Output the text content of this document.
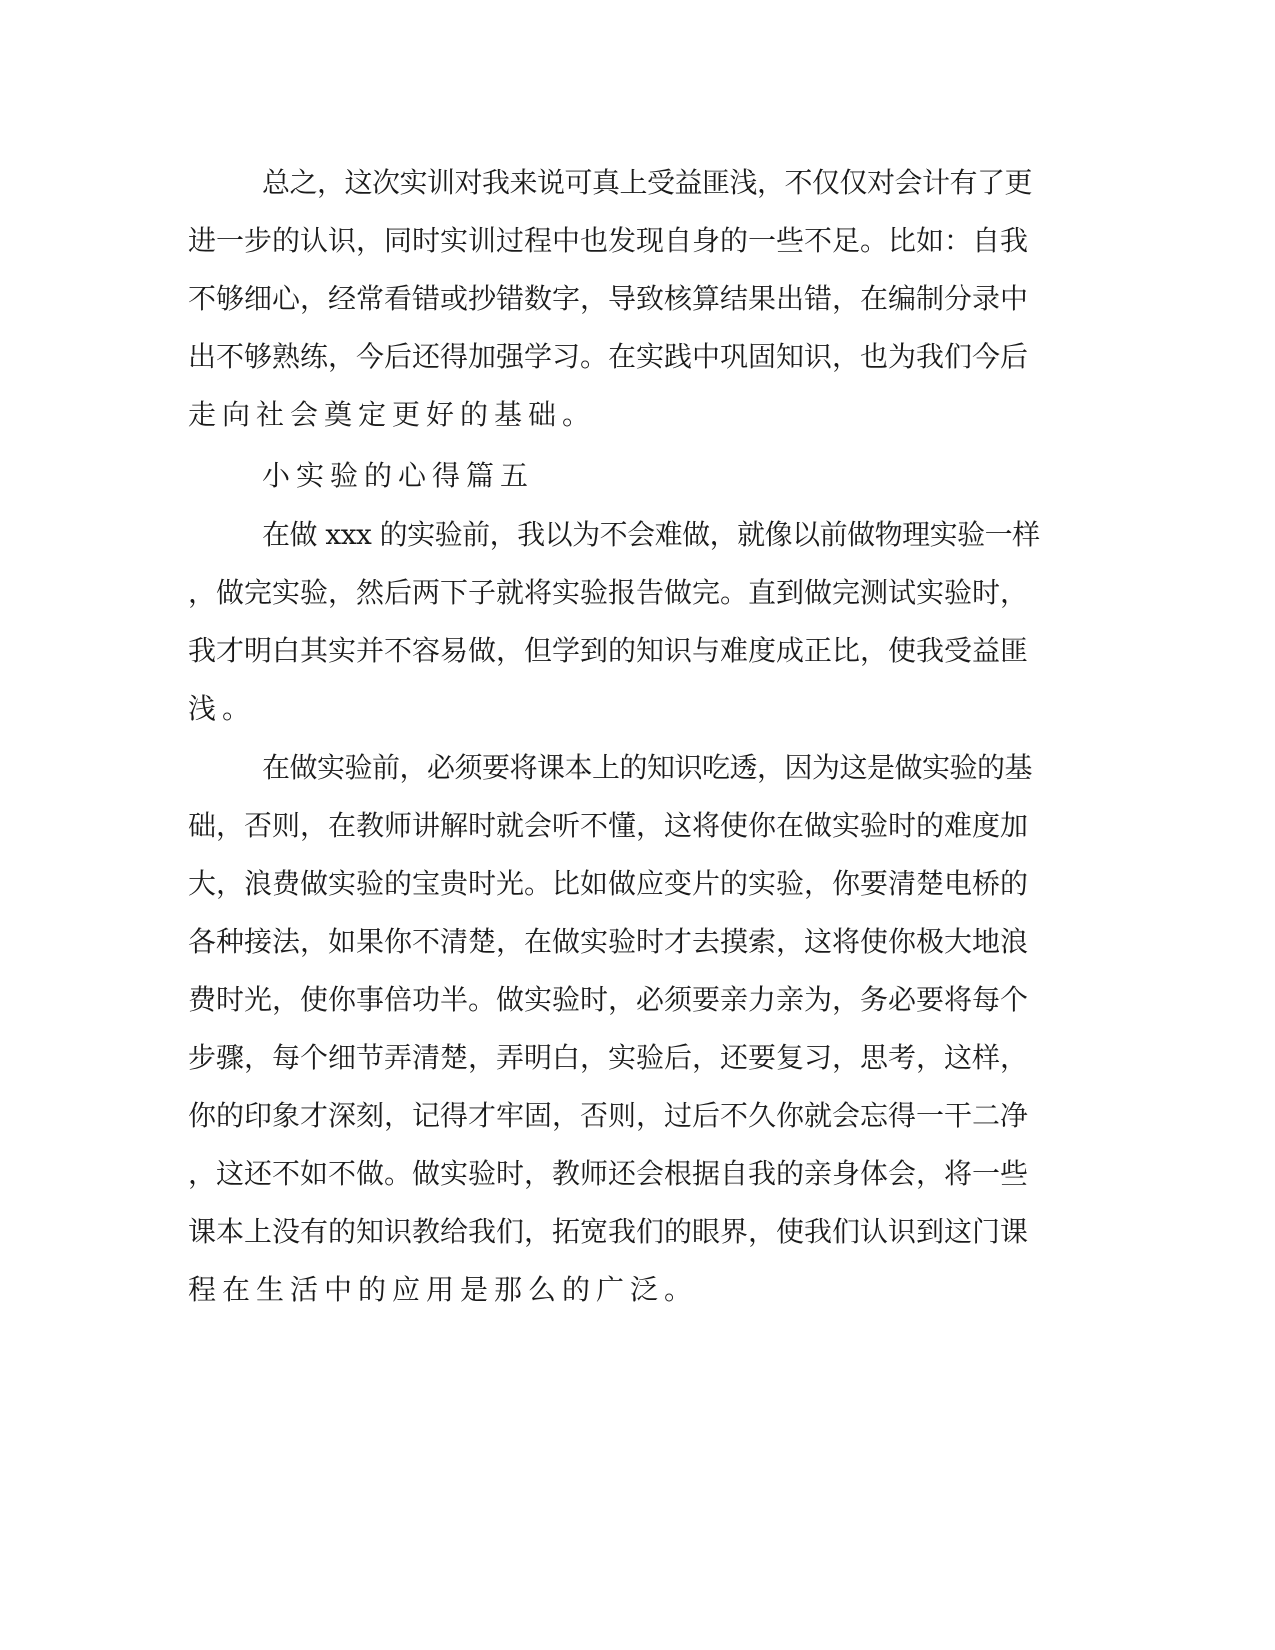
总之，这次实训对我来说可真上受益匪浅，不仅仅对会计有了更

进一步的认识，同时实训过程中也发现自身的一些不足。比如：自我

不够细心，经常看错或抄错数字，导致核算结果出错，在编制分录中

出不够熟练，今后还得加强学习。在实践中巩固知识，也为我们今后

走向社会奠定更好的基础。

小实验的心得篇五

在做 xxx 的实验前，我以为不会难做，就像以前做物理实验一样

，做完实验，然后两下子就将实验报告做完。直到做完测试实验时，

我才明白其实并不容易做，但学到的知识与难度成正比，使我受益匪

浅。

在做实验前，必须要将课本上的知识吃透，因为这是做实验的基

础，否则，在教师讲解时就会听不懂，这将使你在做实验时的难度加

大，浪费做实验的宝贵时光。比如做应变片的实验，你要清楚电桥的

各种接法，如果你不清楚，在做实验时才去摸索，这将使你极大地浪

费时光，使你事倍功半。做实验时，必须要亲力亲为，务必要将每个

步骤，每个细节弄清楚，弄明白，实验后，还要复习，思考，这样，

你的印象才深刻，记得才牢固，否则，过后不久你就会忘得一干二净

，这还不如不做。做实验时，教师还会根据自我的亲身体会，将一些

课本上没有的知识教给我们，拓宽我们的眼界，使我们认识到这门课

程在生活中的应用是那么的广泛。
